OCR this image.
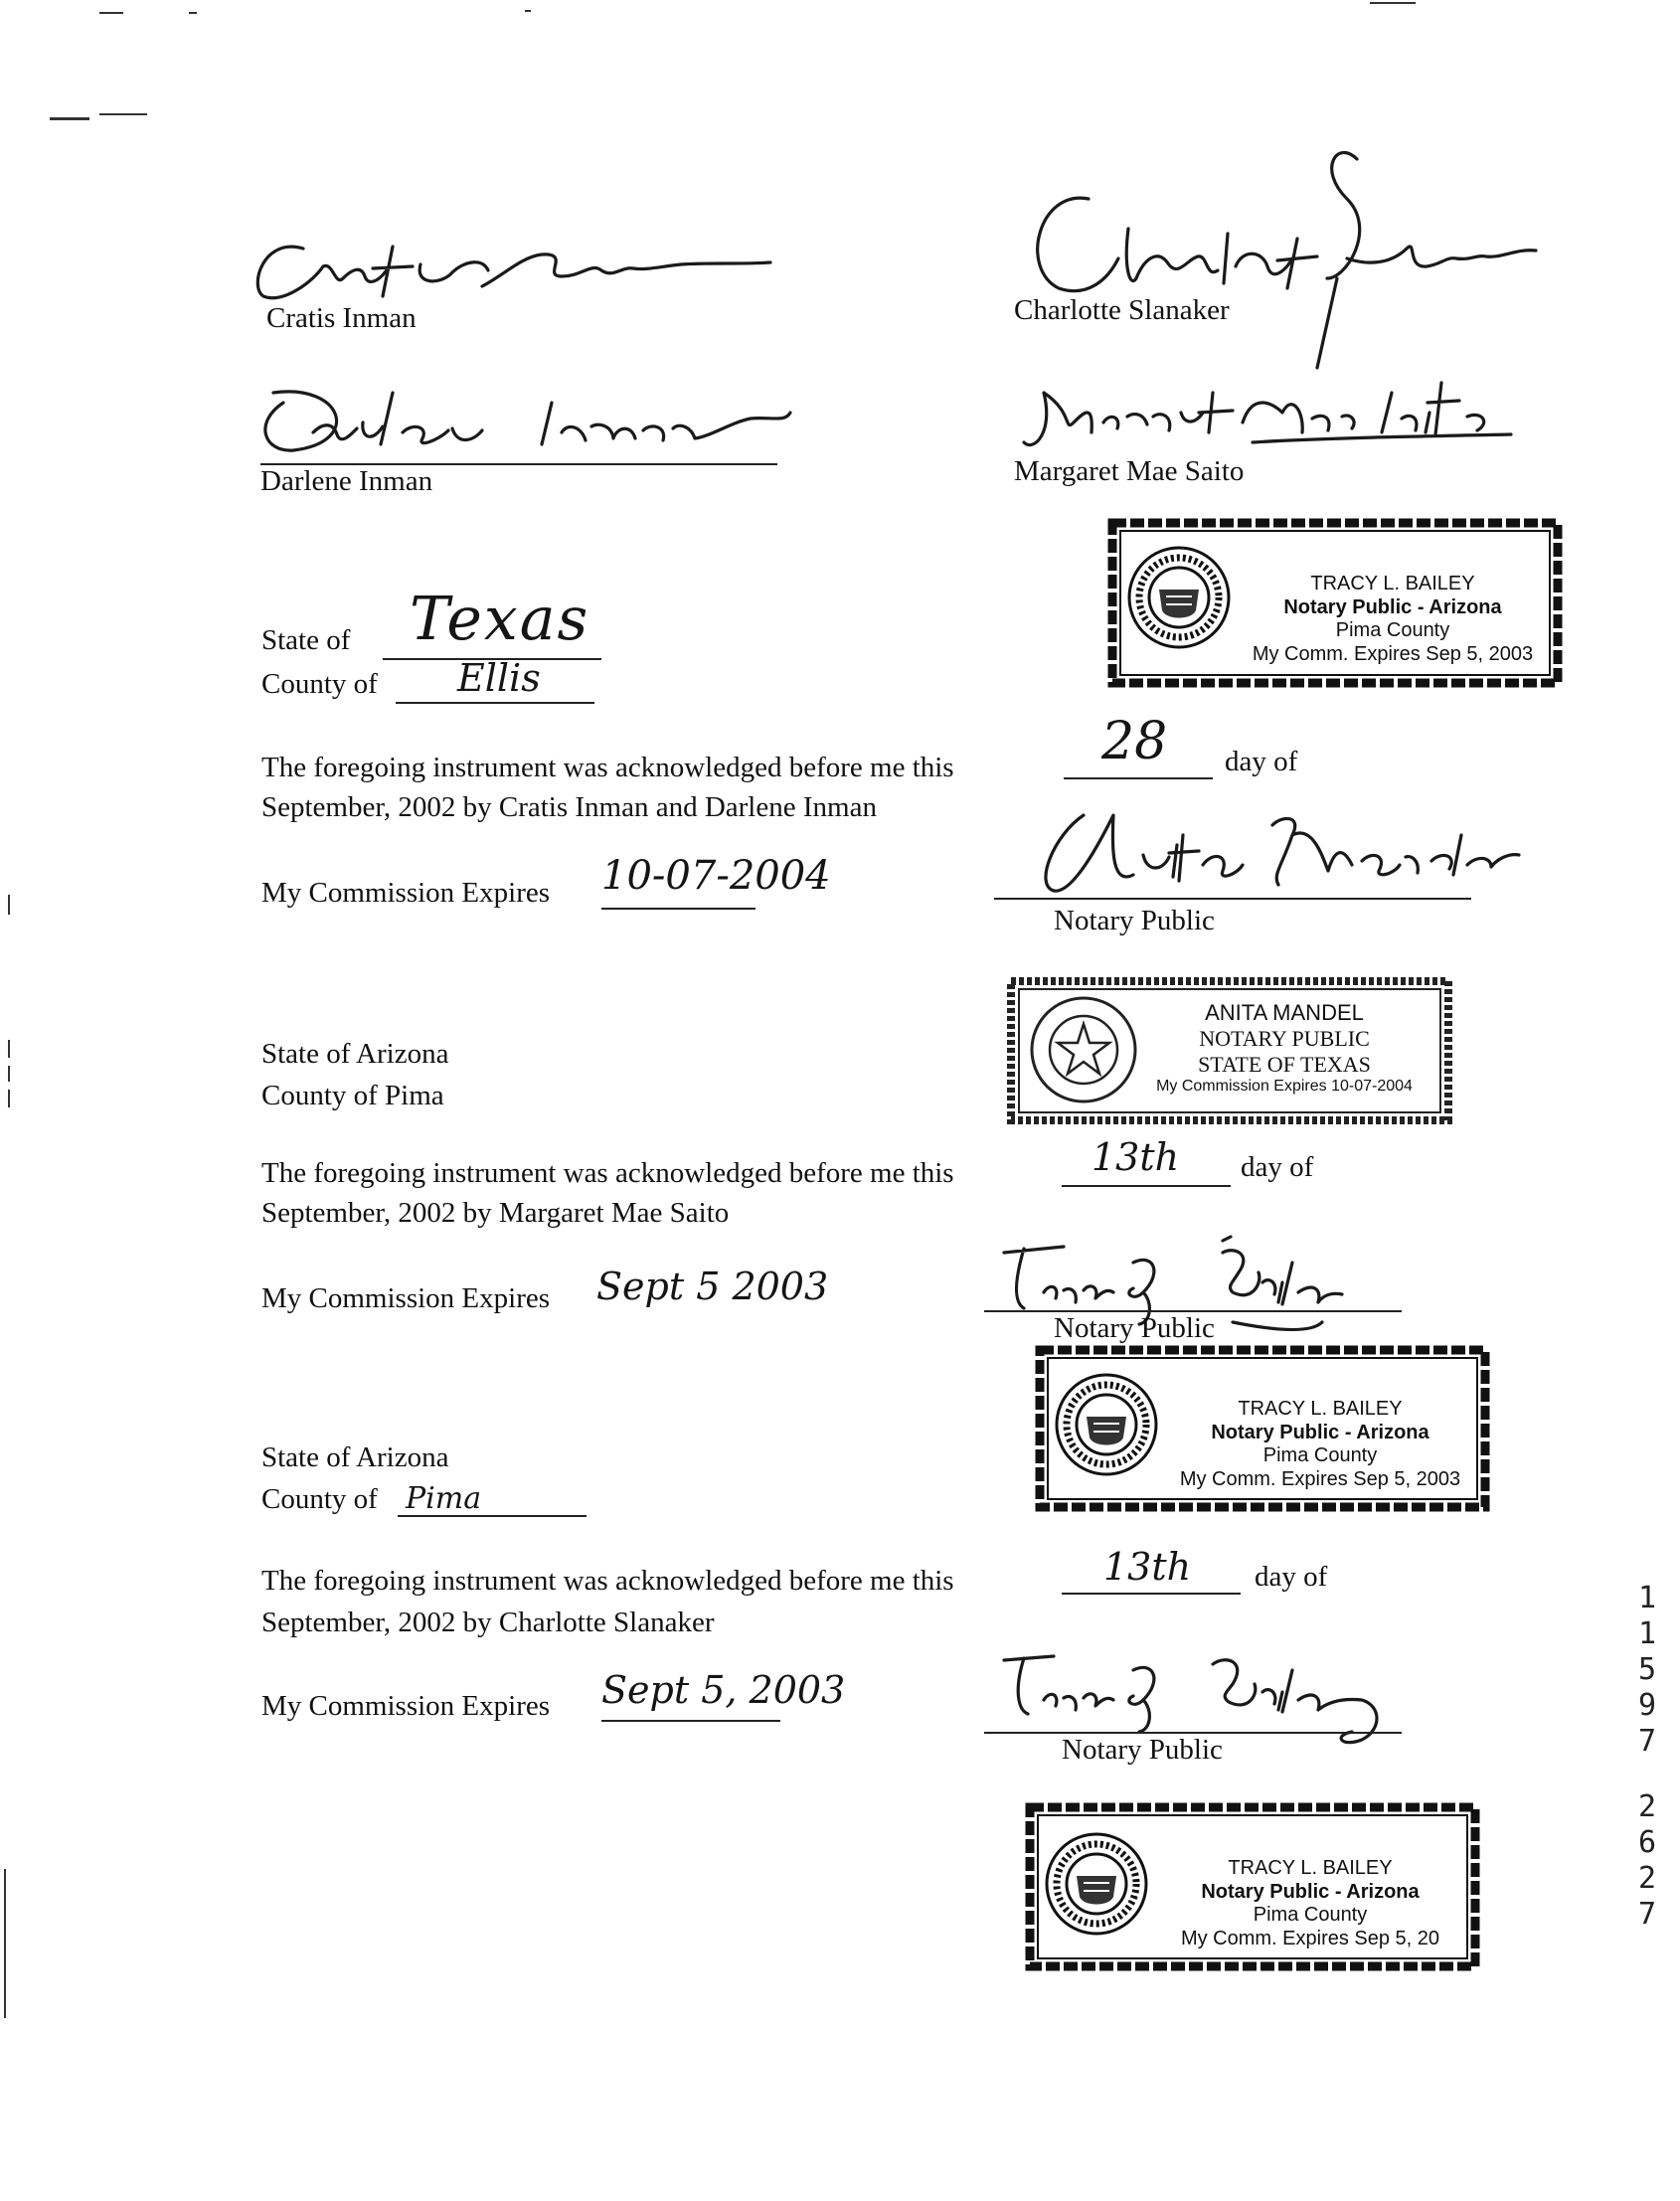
Cratis Inman	Charlotte Slanaker
Darlene Inman	Margaret Mae Saito
TRACY L. BAILEY
Notary Public - Arizona
Pima County
My Comm. Expires Sep 5, 2003
State of Texas
County of Ellis
The foregoing instrument was acknowledged before me this	28 day of
September, 2002 by Cratis Inman and Darlene Inman
My Commission Expires 10-07-2004
Notary Public
ANITA MANDEL
NOTARY PUBLIC
STATE OF TEXAS
My Commission Expires 10-07-2004
State of Arizona
County of Pima
The foregoing instrument was acknowledged before me this	13th day of
September, 2002 by Margaret Mae Saito
My Commission Expires Sept 5 2003
Notary Public
TRACY L. BAILEY
Notary Public - Arizona
Pima County
My Comm. Expires Sep 5, 2003
State of Arizona
County of Pima
The foregoing instrument was acknowledged before me this	13th day of
September, 2002 by Charlotte Slanaker
My Commission Expires Sept 5, 2003
Notary Public
TRACY L. BAILEY
Notary Public - Arizona
Pima County
My Comm. Expires Sep 5, 20
1
1
5
9
7
2
6
2
7
